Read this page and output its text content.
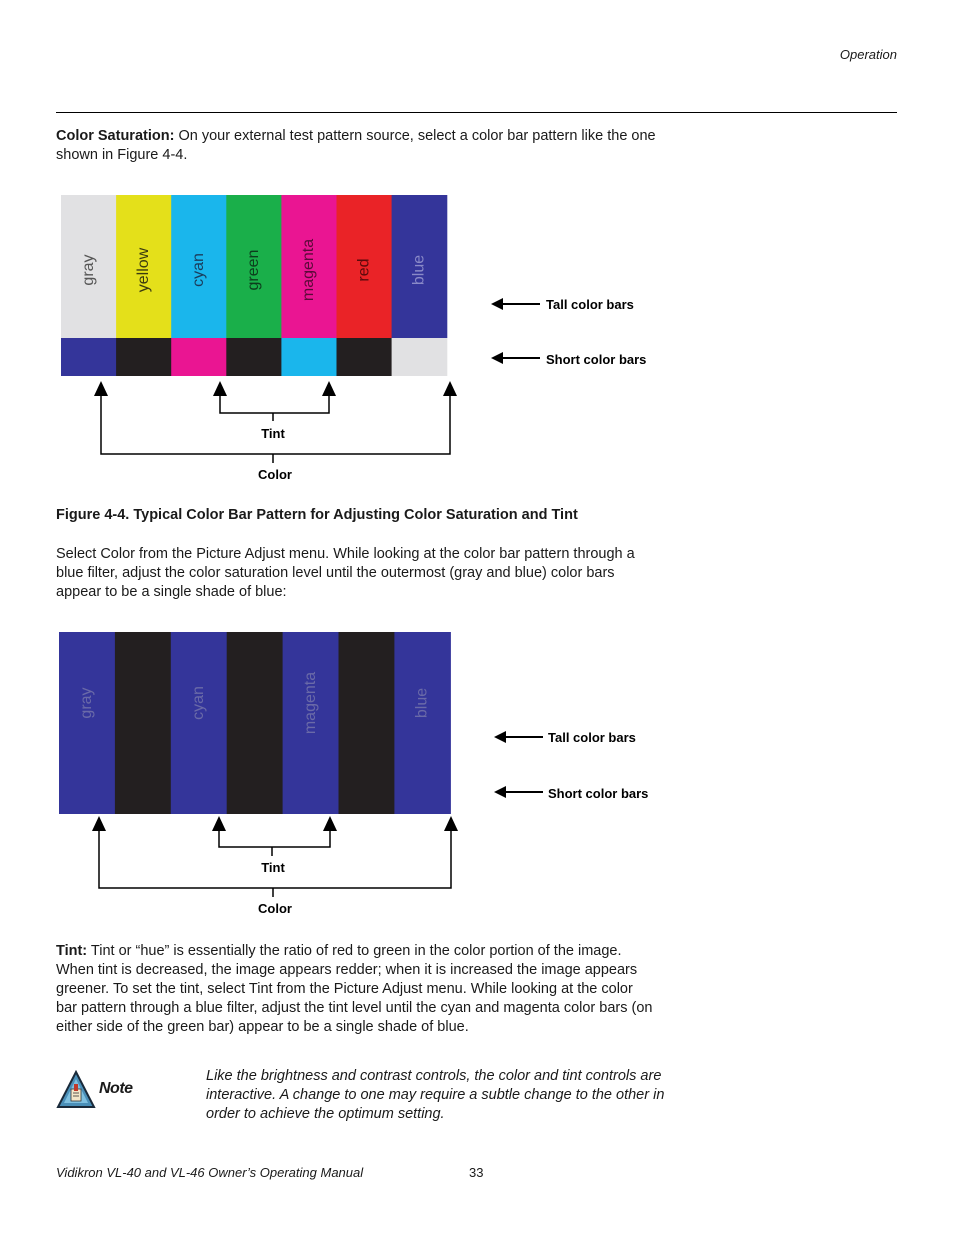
Operation
Color Saturation: On your external test pattern source, select a color bar pattern like the one shown in Figure 4-4.
gray yellow cyan green magenta red blue
Tall color bars
Short color bars
Tint
Color
Figure 4-4. Typical Color Bar Pattern for Adjusting Color Saturation and Tint
Select Color from the Picture Adjust menu. While looking at the color bar pattern through a blue filter, adjust the color saturation level until the outermost (gray and blue) color bars appear to be a single shade of blue:
gray	cyan	magenta	blue
Tall color bars
Short color bars
Tint
Color
Tint: Tint or “hue” is essentially the ratio of red to green in the color portion of the image. When tint is decreased, the image appears redder; when it is increased the image appears greener. To set the tint, select Tint from the Picture Adjust menu. While looking at the color bar pattern through a blue filter, adjust the tint level until the cyan and magenta color bars (on either side of the green bar) appear to be a single shade of blue.
Note
Like the brightness and contrast controls, the color and tint controls are interactive. A change to one may require a subtle change to the other in order to achieve the optimum setting.
Vidikron VL-40 and VL-46 Owner’s Operating Manual	33
